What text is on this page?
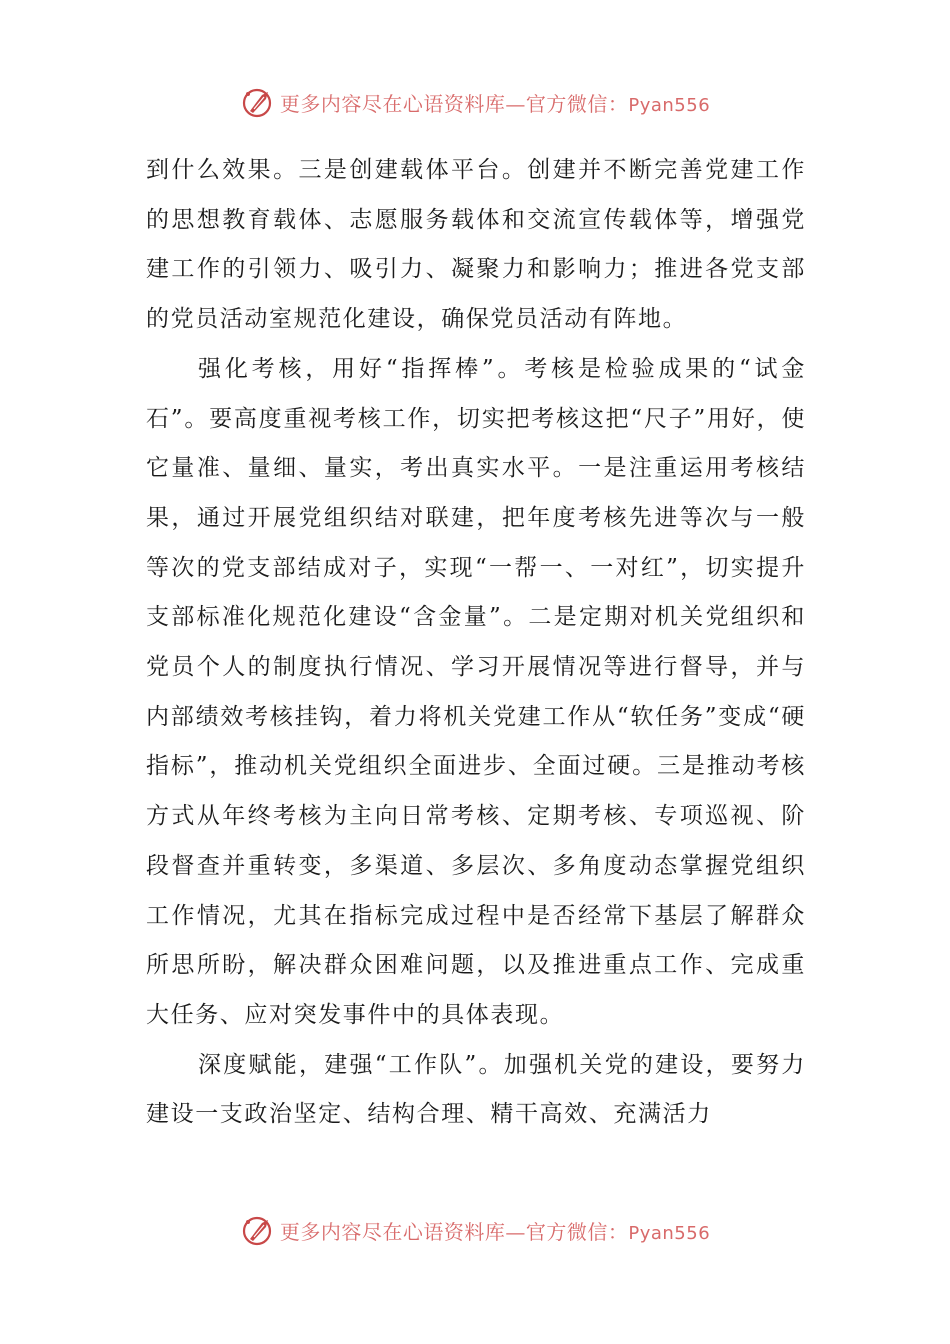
更多内容尽在心语资料库—官方微信：Pyan556

到什么效果。三是创建载体平台。创建并不断完善党建工作的思想教育载体、志愿服务载体和交流宣传载体等，增强党建工作的引领力、吸引力、凝聚力和影响力；推进各党支部的党员活动室规范化建设，确保党员活动有阵地。

强化考核，用好“指挥棒”。考核是检验成果的“试金石”。要高度重视考核工作，切实把考核这把“尺子”用好，使它量准、量细、量实，考出真实水平。一是注重运用考核结果，通过开展党组织结对联建，把年度考核先进等次与一般等次的党支部结成对子，实现“一帮一、一对红”，切实提升支部标准化规范化建设“含金量”。二是定期对机关党组织和党员个人的制度执行情况、学习开展情况等进行督导，并与内部绩效考核挂钩，着力将机关党建工作从“软任务”变成“硬指标”，推动机关党组织全面进步、全面过硬。三是推动考核方式从年终考核为主向日常考核、定期考核、专项巡视、阶段督查并重转变，多渠道、多层次、多角度动态掌握党组织工作情况，尤其在指标完成过程中是否经常下基层了解群众所思所盼，解决群众困难问题，以及推进重点工作、完成重大任务、应对突发事件中的具体表现。

深度赋能，建强“工作队”。加强机关党的建设，要努力建设一支政治坚定、结构合理、精干高效、充满活力

更多内容尽在心语资料库—官方微信：Pyan556
